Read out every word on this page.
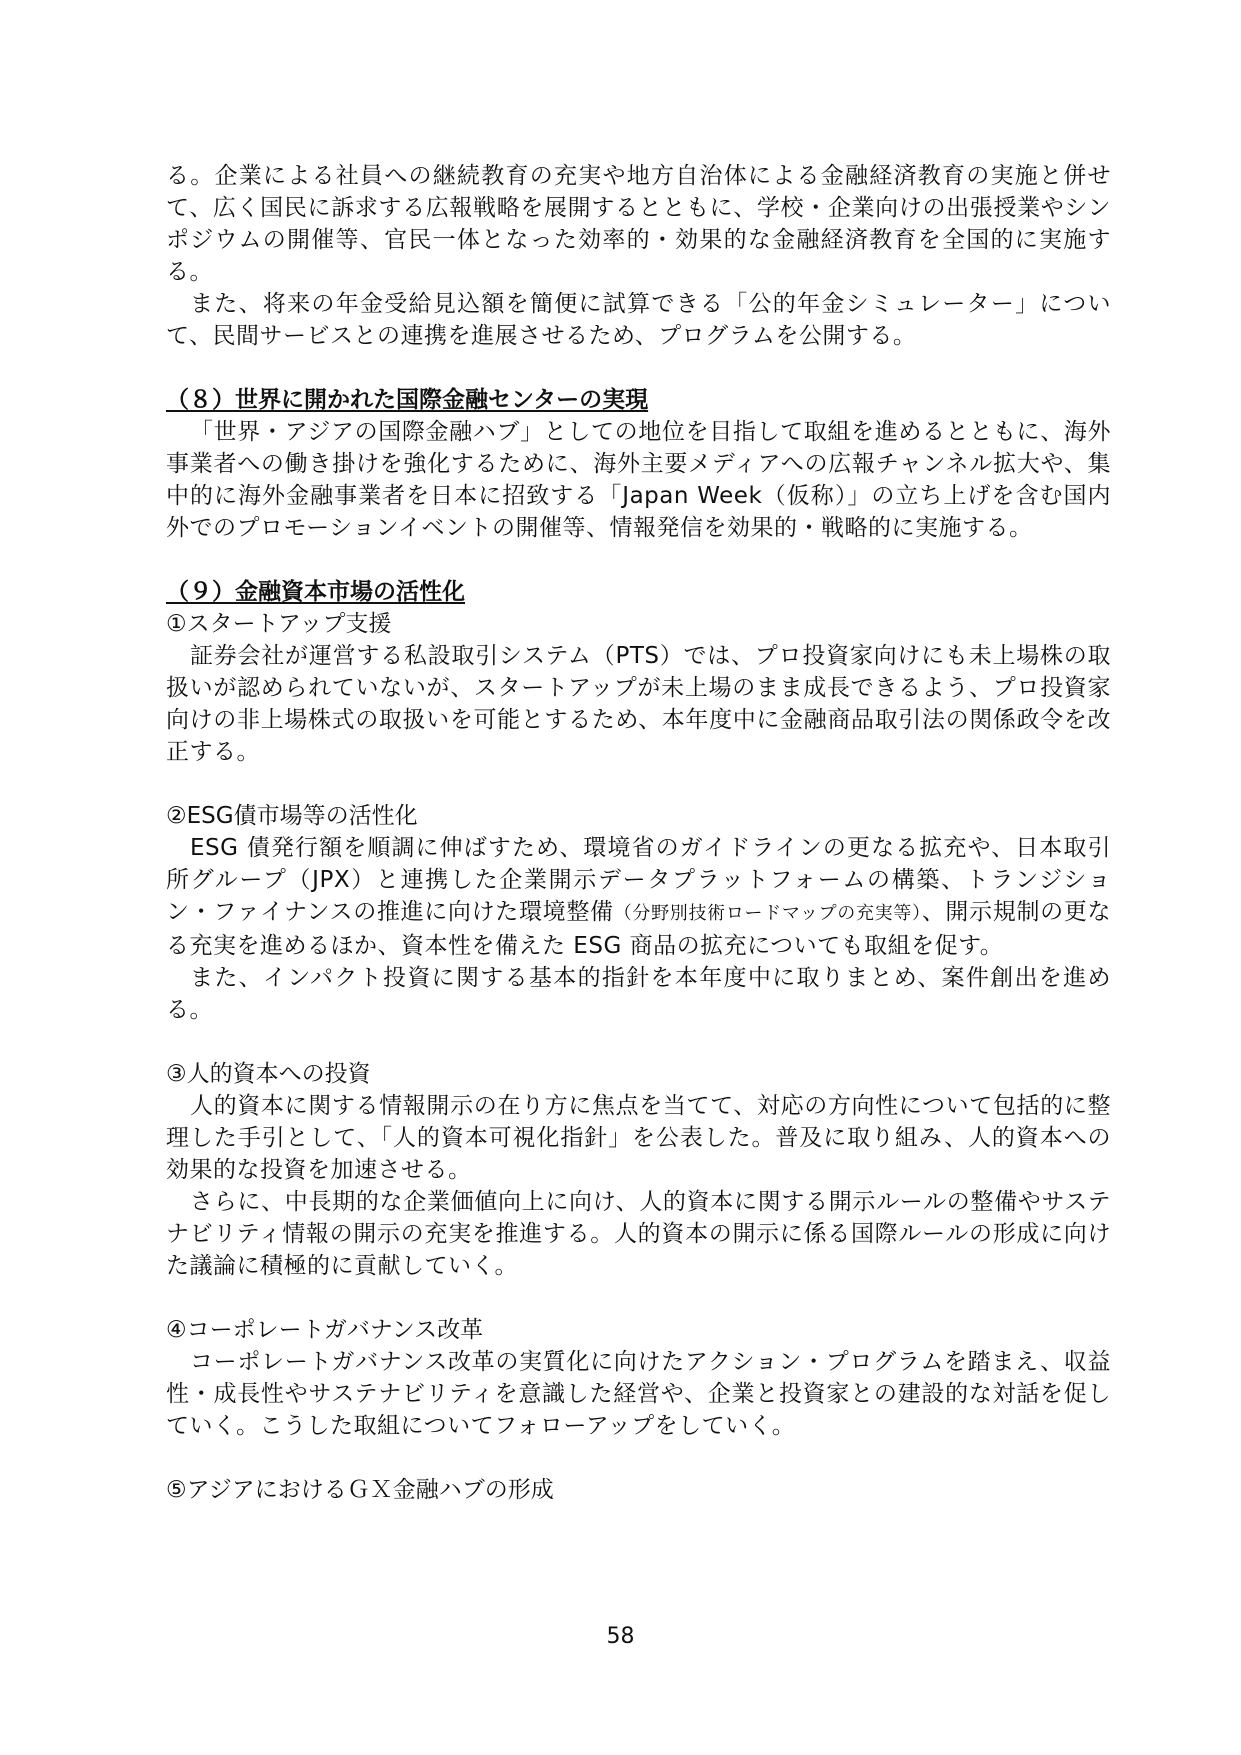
る。企業による社員への継続教育の充実や地方自治体による金融経済教育の実施と併せて、広く国民に訴求する広報戦略を展開するとともに、学校・企業向けの出張授業やシンポジウムの開催等、官民一体となった効率的・効果的な金融経済教育を全国的に実施する。

また、将来の年金受給見込額を簡便に試算できる「公的年金シミュレーター」について、民間サービスとの連携を進展させるため、プログラムを公開する。

（８）世界に開かれた国際金融センターの実現

「世界・アジアの国際金融ハブ」としての地位を目指して取組を進めるとともに、海外事業者への働き掛けを強化するために、海外主要メディアへの広報チャンネル拡大や、集中的に海外金融事業者を日本に招致する「Japan Week（仮称）」の立ち上げを含む国内外でのプロモーションイベントの開催等、情報発信を効果的・戦略的に実施する。

（９）金融資本市場の活性化

①スタートアップ支援

証券会社が運営する私設取引システム（PTS）では、プロ投資家向けにも未上場株の取扱いが認められていないが、スタートアップが未上場のまま成長できるよう、プロ投資家向けの非上場株式の取扱いを可能とするため、本年度中に金融商品取引法の関係政令を改正する。

②ESG債市場等の活性化

ESG 債発行額を順調に伸ばすため、環境省のガイドラインの更なる拡充や、日本取引所グループ（JPX）と連携した企業開示データプラットフォームの構築、トランジション・ファイナンスの推進に向けた環境整備（分野別技術ロードマップの充実等）、開示規制の更なる充実を進めるほか、資本性を備えた ESG 商品の拡充についても取組を促す。

また、インパクト投資に関する基本的指針を本年度中に取りまとめ、案件創出を進める。

③人的資本への投資

人的資本に関する情報開示の在り方に焦点を当てて、対応の方向性について包括的に整理した手引として、「人的資本可視化指針」を公表した。普及に取り組み、人的資本への効果的な投資を加速させる。

さらに、中長期的な企業価値向上に向け、人的資本に関する開示ルールの整備やサステナビリティ情報の開示の充実を推進する。人的資本の開示に係る国際ルールの形成に向けた議論に積極的に貢献していく。

④コーポレートガバナンス改革

コーポレートガバナンス改革の実質化に向けたアクション・プログラムを踏まえ、収益性・成長性やサステナビリティを意識した経営や、企業と投資家との建設的な対話を促していく。こうした取組についてフォローアップをしていく。

⑤アジアにおけるＧＸ金融ハブの形成

58
